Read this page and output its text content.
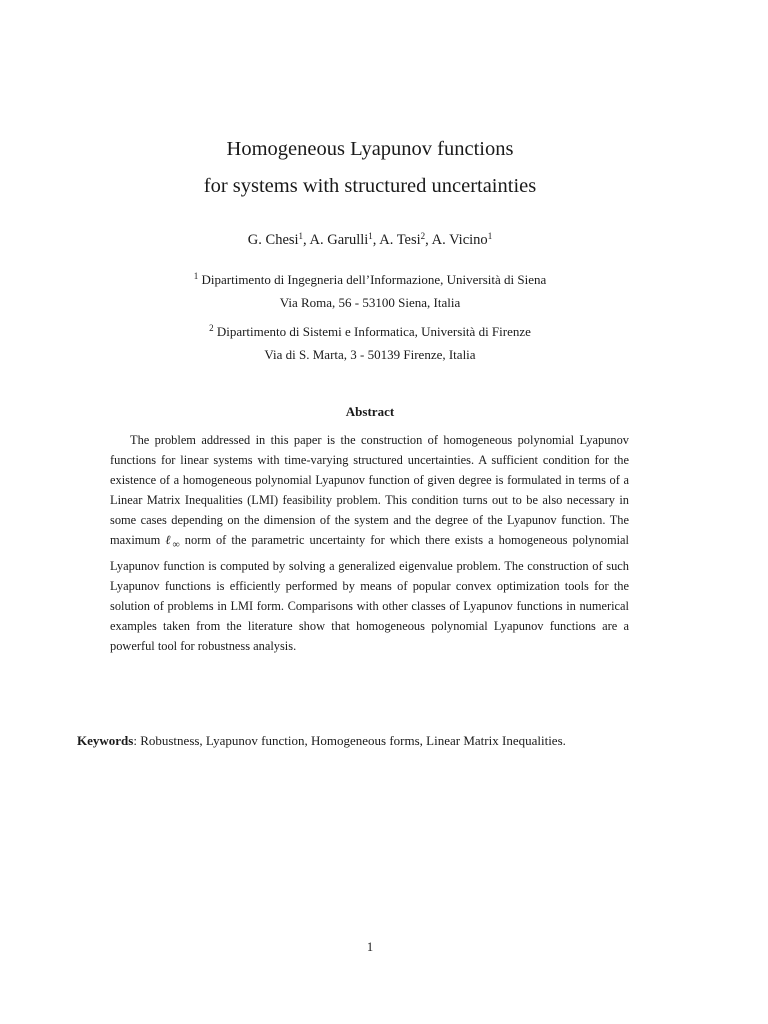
Homogeneous Lyapunov functions
for systems with structured uncertainties
G. Chesi$^1$, A. Garulli$^1$, A. Tesi$^2$, A. Vicino$^1$
$^1$ Dipartimento di Ingegneria dell’Informazione, Università di Siena
Via Roma, 56 - 53100 Siena, Italia
$^2$ Dipartimento di Sistemi e Informatica, Università di Firenze
Via di S. Marta, 3 - 50139 Firenze, Italia
Abstract

The problem addressed in this paper is the construction of homogeneous polynomial Lyapunov functions for linear systems with time-varying structured uncertainties. A sufficient condition for the existence of a homogeneous polynomial Lyapunov function of given degree is formulated in terms of a Linear Matrix Inequalities (LMI) feasibility problem. This condition turns out to be also necessary in some cases depending on the dimension of the system and the degree of the Lyapunov function. The maximum ℓ$_\infty$ norm of the parametric uncertainty for which there exists a homogeneous polynomial Lyapunov function is computed by solving a generalized eigenvalue problem. The construction of such Lyapunov functions is efficiently performed by means of popular convex optimization tools for the solution of problems in LMI form. Comparisons with other classes of Lyapunov functions in numerical examples taken from the literature show that homogeneous polynomial Lyapunov functions are a powerful tool for robustness analysis.

Keywords: Robustness, Lyapunov function, Homogeneous forms, Linear Matrix Inequalities.
1
